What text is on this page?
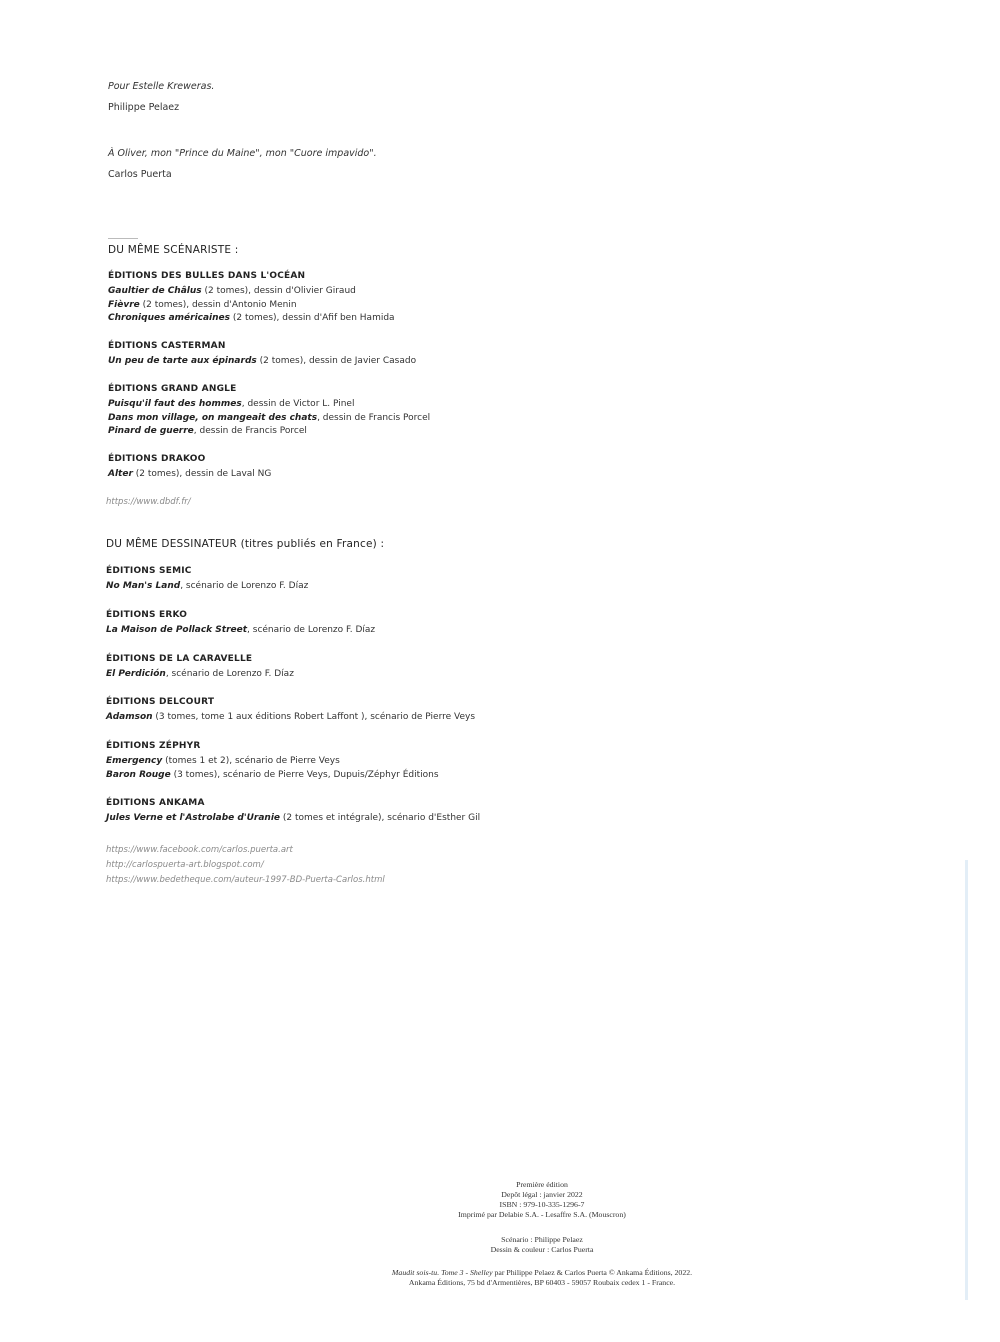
Pour Estelle Kreweras.
Philippe Pelaez
À Oliver, mon "Prince du Maine", mon "Cuore impavido".
Carlos Puerta
DU MÊME SCÉNARISTE :
ÉDITIONS DES BULLES DANS L'OCÉAN
Gaultier de Châlus (2 tomes), dessin d'Olivier Giraud
Fièvre (2 tomes), dessin d'Antonio Menin
Chroniques américaines (2 tomes), dessin d'Afif ben Hamida
ÉDITIONS CASTERMAN
Un peu de tarte aux épinards (2 tomes), dessin de Javier Casado
ÉDITIONS GRAND ANGLE
Puisqu'il faut des hommes, dessin de Victor L. Pinel
Dans mon village, on mangeait des chats, dessin de Francis Porcel
Pinard de guerre, dessin de Francis Porcel
ÉDITIONS DRAKOO
Alter (2 tomes), dessin de Laval NG
https://www.dbdf.fr/
DU MÊME DESSINATEUR (titres publiés en France) :
ÉDITIONS SEMIC
No Man's Land, scénario de Lorenzo F. Díaz
ÉDITIONS ERKO
La Maison de Pollack Street, scénario de Lorenzo F. Díaz
ÉDITIONS DE LA CARAVELLE
El Perdición, scénario de Lorenzo F. Díaz
ÉDITIONS DELCOURT
Adamson (3 tomes, tome 1 aux éditions Robert Laffont ), scénario de Pierre Veys
ÉDITIONS ZÉPHYR
Emergency (tomes 1 et 2), scénario de Pierre Veys
Baron Rouge (3 tomes), scénario de Pierre Veys, Dupuis/Zéphyr Éditions
ÉDITIONS ANKAMA
Jules Verne et l'Astrolabe d'Uranie (2 tomes et intégrale), scénario d'Esther Gil
https://www.facebook.com/carlos.puerta.art
http://carlospuerta-art.blogspot.com/
https://www.bedetheque.com/auteur-1997-BD-Puerta-Carlos.html
Première édition
Depôt légal : janvier 2022
ISBN : 979-10-335-1296-7
Imprimé par Delabie S.A. - Lesaffre S.A. (Mouscron)
Scénario : Philippe Pelaez
Dessin & couleur : Carlos Puerta
Maudit sois-tu. Tome 3 - Shelley par Philippe Pelaez & Carlos Puerta © Ankama Éditions, 2022.
Ankama Éditions, 75 bd d'Armentières, BP 60403 - 59057 Roubaix cedex 1 - France.
